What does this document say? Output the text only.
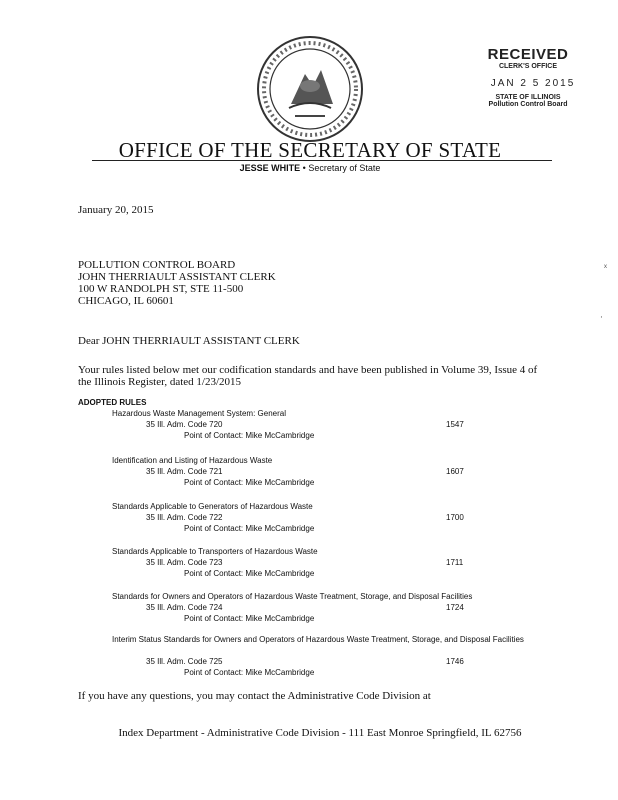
RECEIVED
CLERK'S OFFICE
JAN 2 5 2015
STATE OF ILLINOIS
Pollution Control Board
OFFICE OF THE SECRETARY OF STATE
JESSE WHITE • Secretary of State
January 20, 2015
POLLUTION CONTROL BOARD
JOHN THERRIAULT ASSISTANT CLERK
100 W RANDOLPH ST, STE 11-500
CHICAGO, IL 60601
Dear JOHN THERRIAULT ASSISTANT CLERK
Your rules listed below met our codification standards and have been published in Volume 39, Issue 4 of the Illinois Register, dated 1/23/2015
ADOPTED RULES
Hazardous Waste Management System: General
35 Ill. Adm. Code 720	1547
Point of Contact: Mike McCambridge
Identification and Listing of Hazardous Waste
35 Ill. Adm. Code 721	1607
Point of Contact: Mike McCambridge
Standards Applicable to Generators of Hazardous Waste
35 Ill. Adm. Code 722	1700
Point of Contact: Mike McCambridge
Standards Applicable to Transporters of Hazardous Waste
35 Ill. Adm. Code 723	1711
Point of Contact: Mike McCambridge
Standards for Owners and Operators of Hazardous Waste Treatment, Storage, and Disposal Facilities
35 Ill. Adm. Code 724	1724
Point of Contact: Mike McCambridge
Interim Status Standards for Owners and Operators of Hazardous Waste Treatment, Storage, and Disposal Facilities
35 Ill. Adm. Code 725	1746
Point of Contact: Mike McCambridge
If you have any questions, you may contact the Administrative Code Division at
Index Department - Administrative Code Division - 111 East Monroe Springfield, IL 62756
ˣ
‧
